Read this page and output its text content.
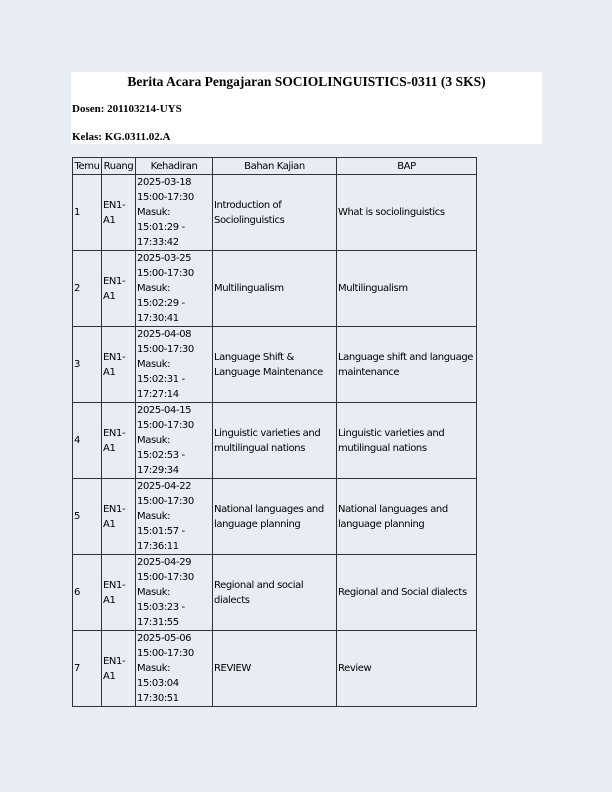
Berita Acara Pengajaran SOCIOLINGUISTICS-0311 (3 SKS)
Dosen: 201103214-UYS
Kelas: KG.0311.02.A
Temu	Ruang	Kehadiran	Bahan Kajian	BAP
1	EN1-A1	2025-03-18
15:00-17:30
Masuk:
15:01:29 -
17:33:42	Introduction of Sociolinguistics	What is sociolinguistics
2	EN1-A1	2025-03-25
15:00-17:30
Masuk:
15:02:29 -
17:30:41	Multilingualism	Multilingualism
3	EN1-A1	2025-04-08
15:00-17:30
Masuk:
15:02:31 -
17:27:14	Language Shift & Language Maintenance	Language shift and language maintenance
4	EN1-A1	2025-04-15
15:00-17:30
Masuk:
15:02:53 -
17:29:34	Linguistic varieties and multilingual nations	Linguistic varieties and mutilingual nations
5	EN1-A1	2025-04-22
15:00-17:30
Masuk:
15:01:57 -
17:36:11	National languages and language planning	National languages and language planning
6	EN1-A1	2025-04-29
15:00-17:30
Masuk:
15:03:23 -
17:31:55	Regional and social dialects	Regional and Social dialects
7	EN1-A1	2025-05-06
15:00-17:30
Masuk:
15:03:04
17:30:51	REVIEW	Review
